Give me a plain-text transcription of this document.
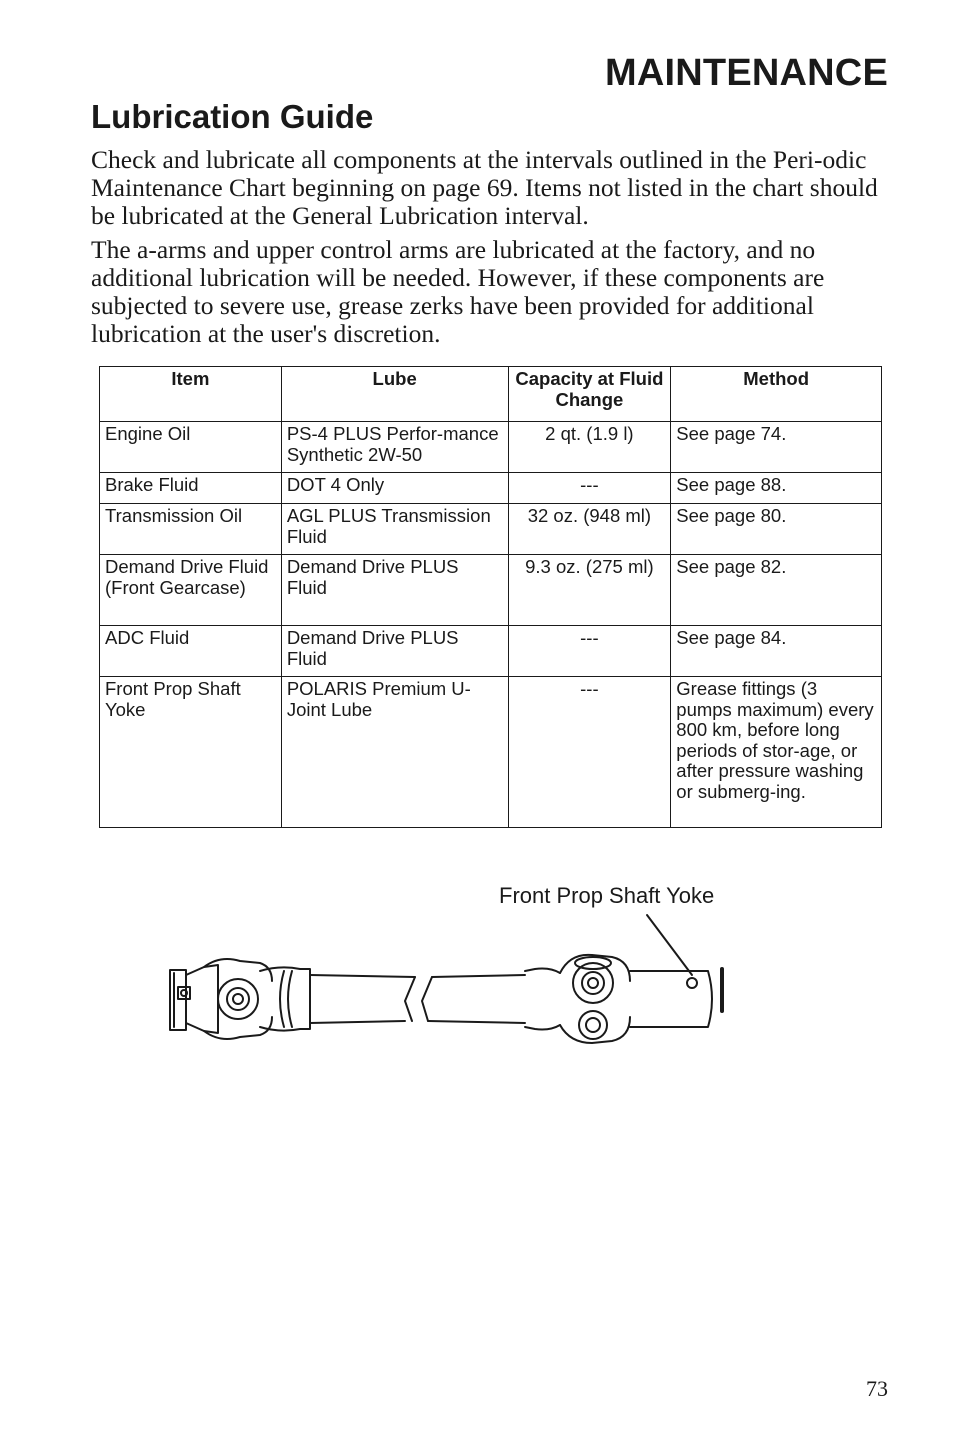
MAINTENANCE
Lubrication Guide

Check and lubricate all components at the intervals outlined in the Peri-odic Maintenance Chart beginning on page 69. Items not listed in the chart should be lubricated at the General Lubrication interval.

The a-arms and upper control arms are lubricated at the factory, and no additional lubrication will be needed. However, if these components are subjected to severe use, grease zerks have been provided for additional lubrication at the user's discretion.

Item	Lube	Capacity at Fluid Change	Method
Engine Oil	PS-4 PLUS Perfor-mance Synthetic 2W-50	2 qt. (1.9 l)	See page 74.
Brake Fluid	DOT 4 Only	---	See page 88.
Transmission Oil	AGL PLUS Transmission Fluid	32 oz. (948 ml)	See page 80.
Demand Drive Fluid (Front Gearcase)	Demand Drive PLUS Fluid	9.3 oz. (275 ml)	See page 82.
ADC Fluid	Demand Drive PLUS Fluid	---	See page 84.
Front Prop Shaft Yoke	POLARIS Premium U-Joint Lube	---	Grease fittings (3 pumps maximum) every 800 km, before long periods of stor-age, or after pressure washing or submerg-ing.
Front Prop Shaft Yoke
73
